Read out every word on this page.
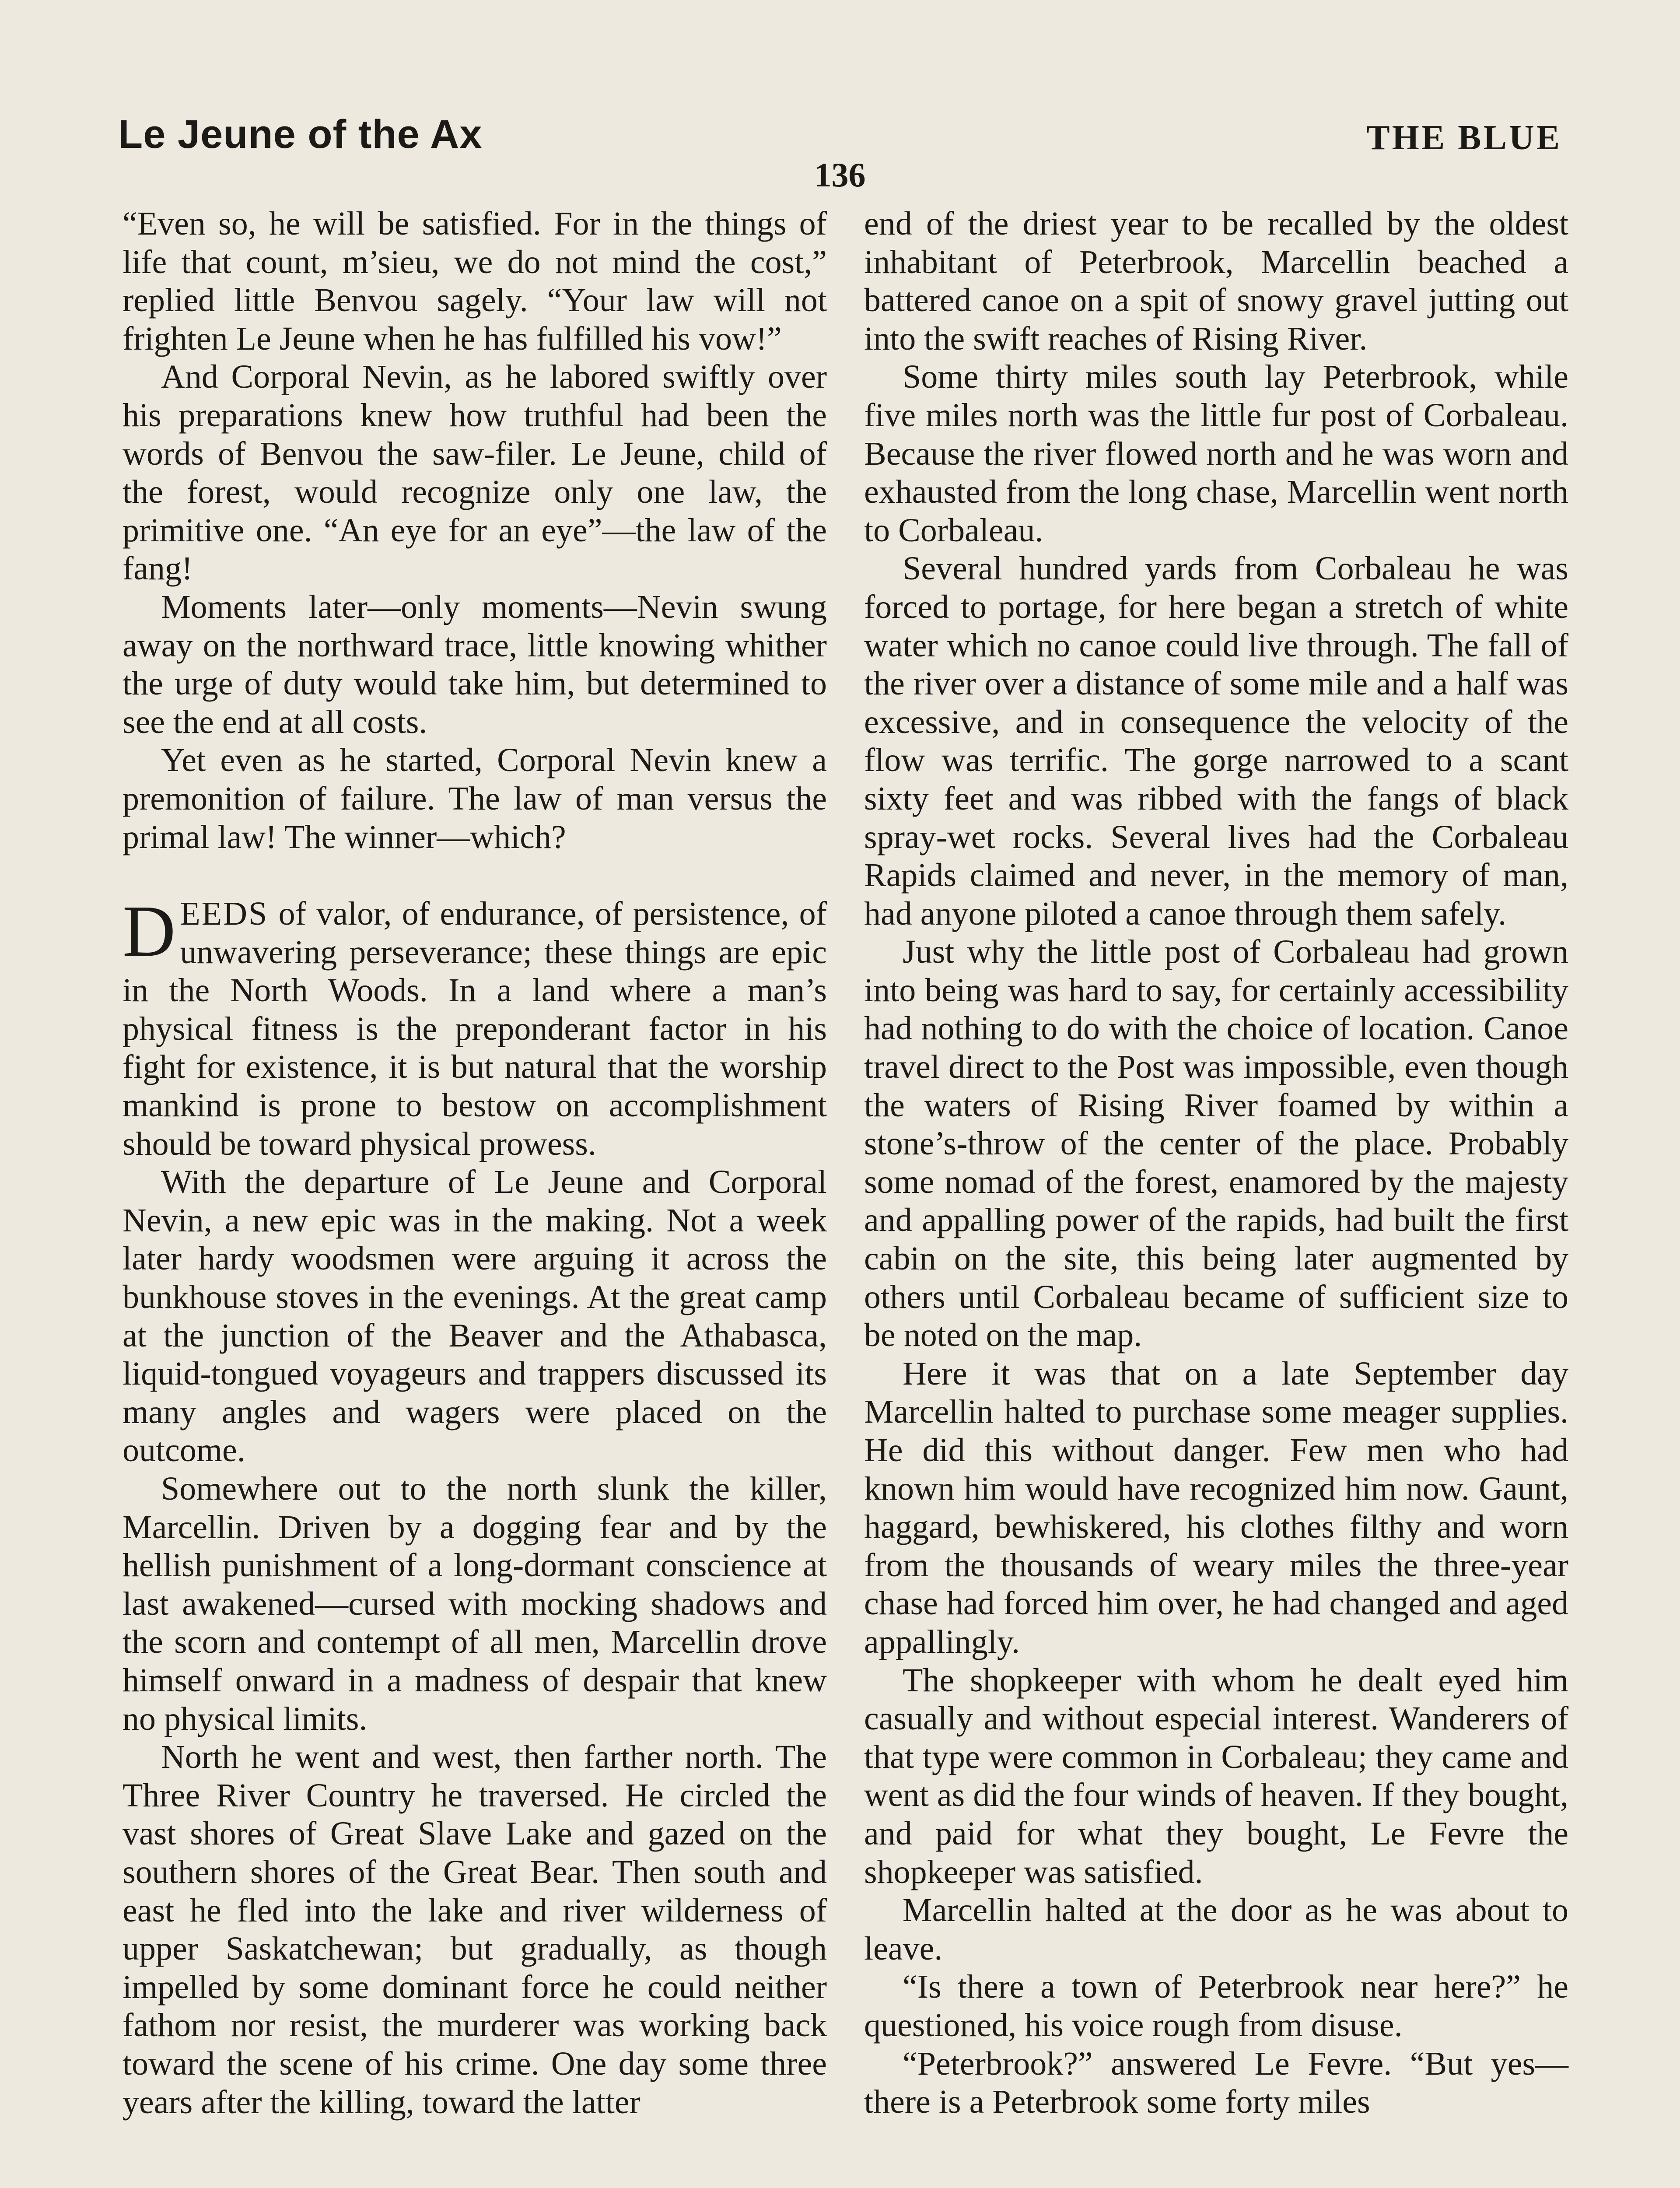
Le Jeune of the Ax	THE BLUE
136

“Even so, he will be satisfied. For in the things of life that count, m’sieu, we do not mind the cost,” replied little Benvou sagely. “Your law will not frighten Le Jeune when he has fulfilled his vow!”

And Corporal Nevin, as he labored swiftly over his preparations knew how truthful had been the words of Benvou the saw-filer. Le Jeune, child of the forest, would recognize only one law, the primitive one. “An eye for an eye”—the law of the fang!

Moments later—only moments—Nevin swung away on the northward trace, little knowing whither the urge of duty would take him, but determined to see the end at all costs.

Yet even as he started, Corporal Nevin knew a premonition of failure. The law of man versus the primal law! The winner—which?

DEEDS of valor, of endurance, of persistence, of unwavering perseverance; these things are epic in the North Woods. In a land where a man’s physical fitness is the preponderant factor in his fight for existence, it is but natural that the worship mankind is prone to bestow on accomplishment should be toward physical prowess.

With the departure of Le Jeune and Corporal Nevin, a new epic was in the making. Not a week later hardy woodsmen were arguing it across the bunkhouse stoves in the evenings. At the great camp at the junction of the Beaver and the Athabasca, liquid-tongued voyageurs and trappers discussed its many angles and wagers were placed on the outcome.

Somewhere out to the north slunk the killer, Marcellin. Driven by a dogging fear and by the hellish punishment of a long-dormant conscience at last awakened—cursed with mocking shadows and the scorn and contempt of all men, Marcellin drove himself onward in a madness of despair that knew no physical limits.

North he went and west, then farther north. The Three River Country he traversed. He circled the vast shores of Great Slave Lake and gazed on the southern shores of the Great Bear. Then south and east he fled into the lake and river wilderness of upper Saskatchewan; but gradually, as though impelled by some dominant force he could neither fathom nor resist, the murderer was working back toward the scene of his crime. One day some three years after the killing, toward the latter

end of the driest year to be recalled by the oldest inhabitant of Peterbrook, Marcellin beached a battered canoe on a spit of snowy gravel jutting out into the swift reaches of Rising River.

Some thirty miles south lay Peterbrook, while five miles north was the little fur post of Corbaleau. Because the river flowed north and he was worn and exhausted from the long chase, Marcellin went north to Corbaleau.

Several hundred yards from Corbaleau he was forced to portage, for here began a stretch of white water which no canoe could live through. The fall of the river over a distance of some mile and a half was excessive, and in consequence the velocity of the flow was terrific. The gorge narrowed to a scant sixty feet and was ribbed with the fangs of black spray-wet rocks. Several lives had the Corbaleau Rapids claimed and never, in the memory of man, had anyone piloted a canoe through them safely.

Just why the little post of Corbaleau had grown into being was hard to say, for certainly accessibility had nothing to do with the choice of location. Canoe travel direct to the Post was impossible, even though the waters of Rising River foamed by within a stone’s-throw of the center of the place. Probably some nomad of the forest, enamored by the majesty and appalling power of the rapids, had built the first cabin on the site, this being later augmented by others until Corbaleau became of sufficient size to be noted on the map.

Here it was that on a late September day Marcellin halted to purchase some meager supplies. He did this without danger. Few men who had known him would have recognized him now. Gaunt, haggard, bewhiskered, his clothes filthy and worn from the thousands of weary miles the three-year chase had forced him over, he had changed and aged appallingly.

The shopkeeper with whom he dealt eyed him casually and without especial interest. Wanderers of that type were common in Corbaleau; they came and went as did the four winds of heaven. If they bought, and paid for what they bought, Le Fevre the shopkeeper was satisfied.

Marcellin halted at the door as he was about to leave.

“Is there a town of Peterbrook near here?” he questioned, his voice rough from disuse.

“Peterbrook?” answered Le Fevre. “But yes—there is a Peterbrook some forty miles
